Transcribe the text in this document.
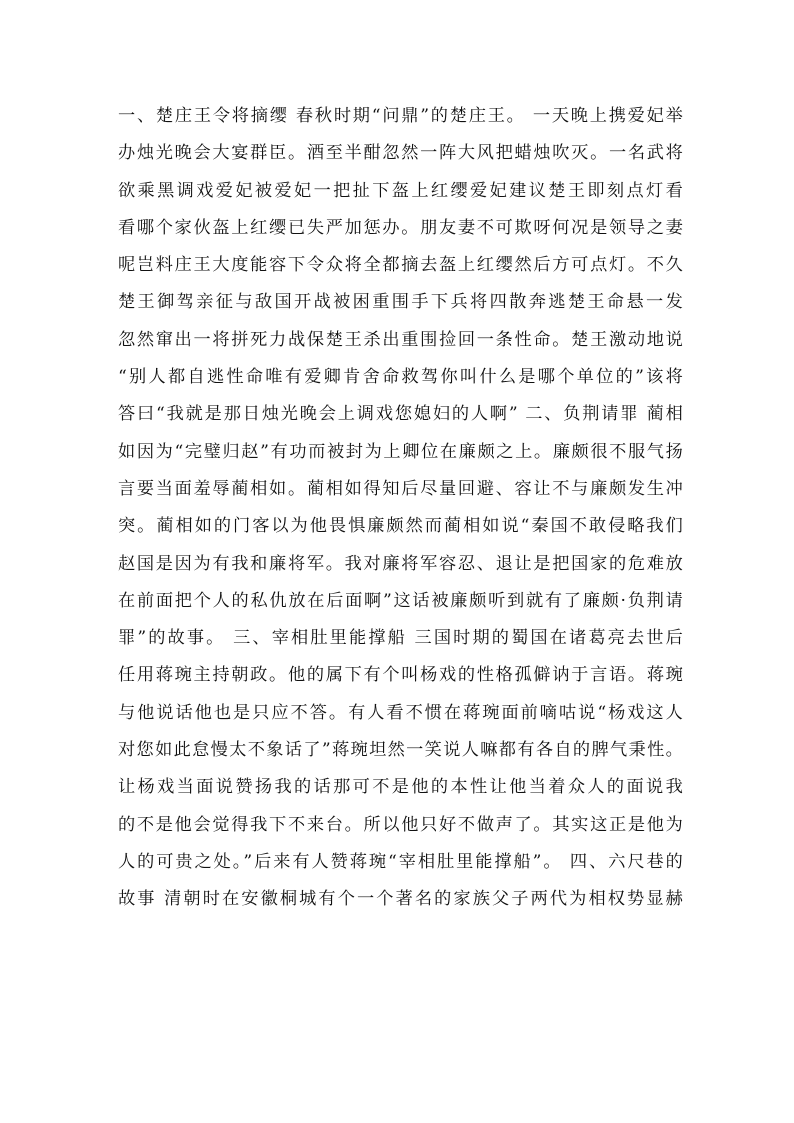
一、楚庄王令将摘缨 春秋时期“问鼎”的楚庄王。 一天晚上携爱妃举
办烛光晚会大宴群臣。酒至半酣忽然一阵大风把蜡烛吹灭。一名武将
欲乘黑调戏爱妃被爱妃一把扯下盔上红缨爱妃建议楚王即刻点灯看
看哪个家伙盔上红缨已失严加惩办。朋友妻不可欺呀何况是领导之妻
呢岂料庄王大度能容下令众将全都摘去盔上红缨然后方可点灯。不久
楚王御驾亲征与敌国开战被困重围手下兵将四散奔逃楚王命悬一发
忽然窜出一将拼死力战保楚王杀出重围捡回一条性命。楚王激动地说
“别人都自逃性命唯有爱卿肯舍命救驾你叫什么是哪个单位的”该将
答曰“我就是那日烛光晚会上调戏您媳妇的人啊” 二、负荆请罪 蔺相
如因为“完璧归赵”有功而被封为上卿位在廉颇之上。廉颇很不服气扬
言要当面羞辱蔺相如。蔺相如得知后尽量回避、容让不与廉颇发生冲
突。蔺相如的门客以为他畏惧廉颇然而蔺相如说“秦国不敢侵略我们
赵国是因为有我和廉将军。我对廉将军容忍、退让是把国家的危难放
在前面把个人的私仇放在后面啊”这话被廉颇听到就有了廉颇·负荆请
罪”的故事。 三、宰相肚里能撑船 三国时期的蜀国在诸葛亮去世后
任用蒋琬主持朝政。他的属下有个叫杨戏的性格孤僻讷于言语。蒋琬
与他说话他也是只应不答。有人看不惯在蒋琬面前嘀咕说“杨戏这人
对您如此怠慢太不象话了”蒋琬坦然一笑说人嘛都有各自的脾气秉性。
让杨戏当面说赞扬我的话那可不是他的本性让他当着众人的面说我
的不是他会觉得我下不来台。所以他只好不做声了。其实这正是他为
人的可贵之处。”后来有人赞蒋琬“宰相肚里能撑船”。 四、六尺巷的
故事 清朝时在安徽桐城有个一个著名的家族父子两代为相权势显赫
